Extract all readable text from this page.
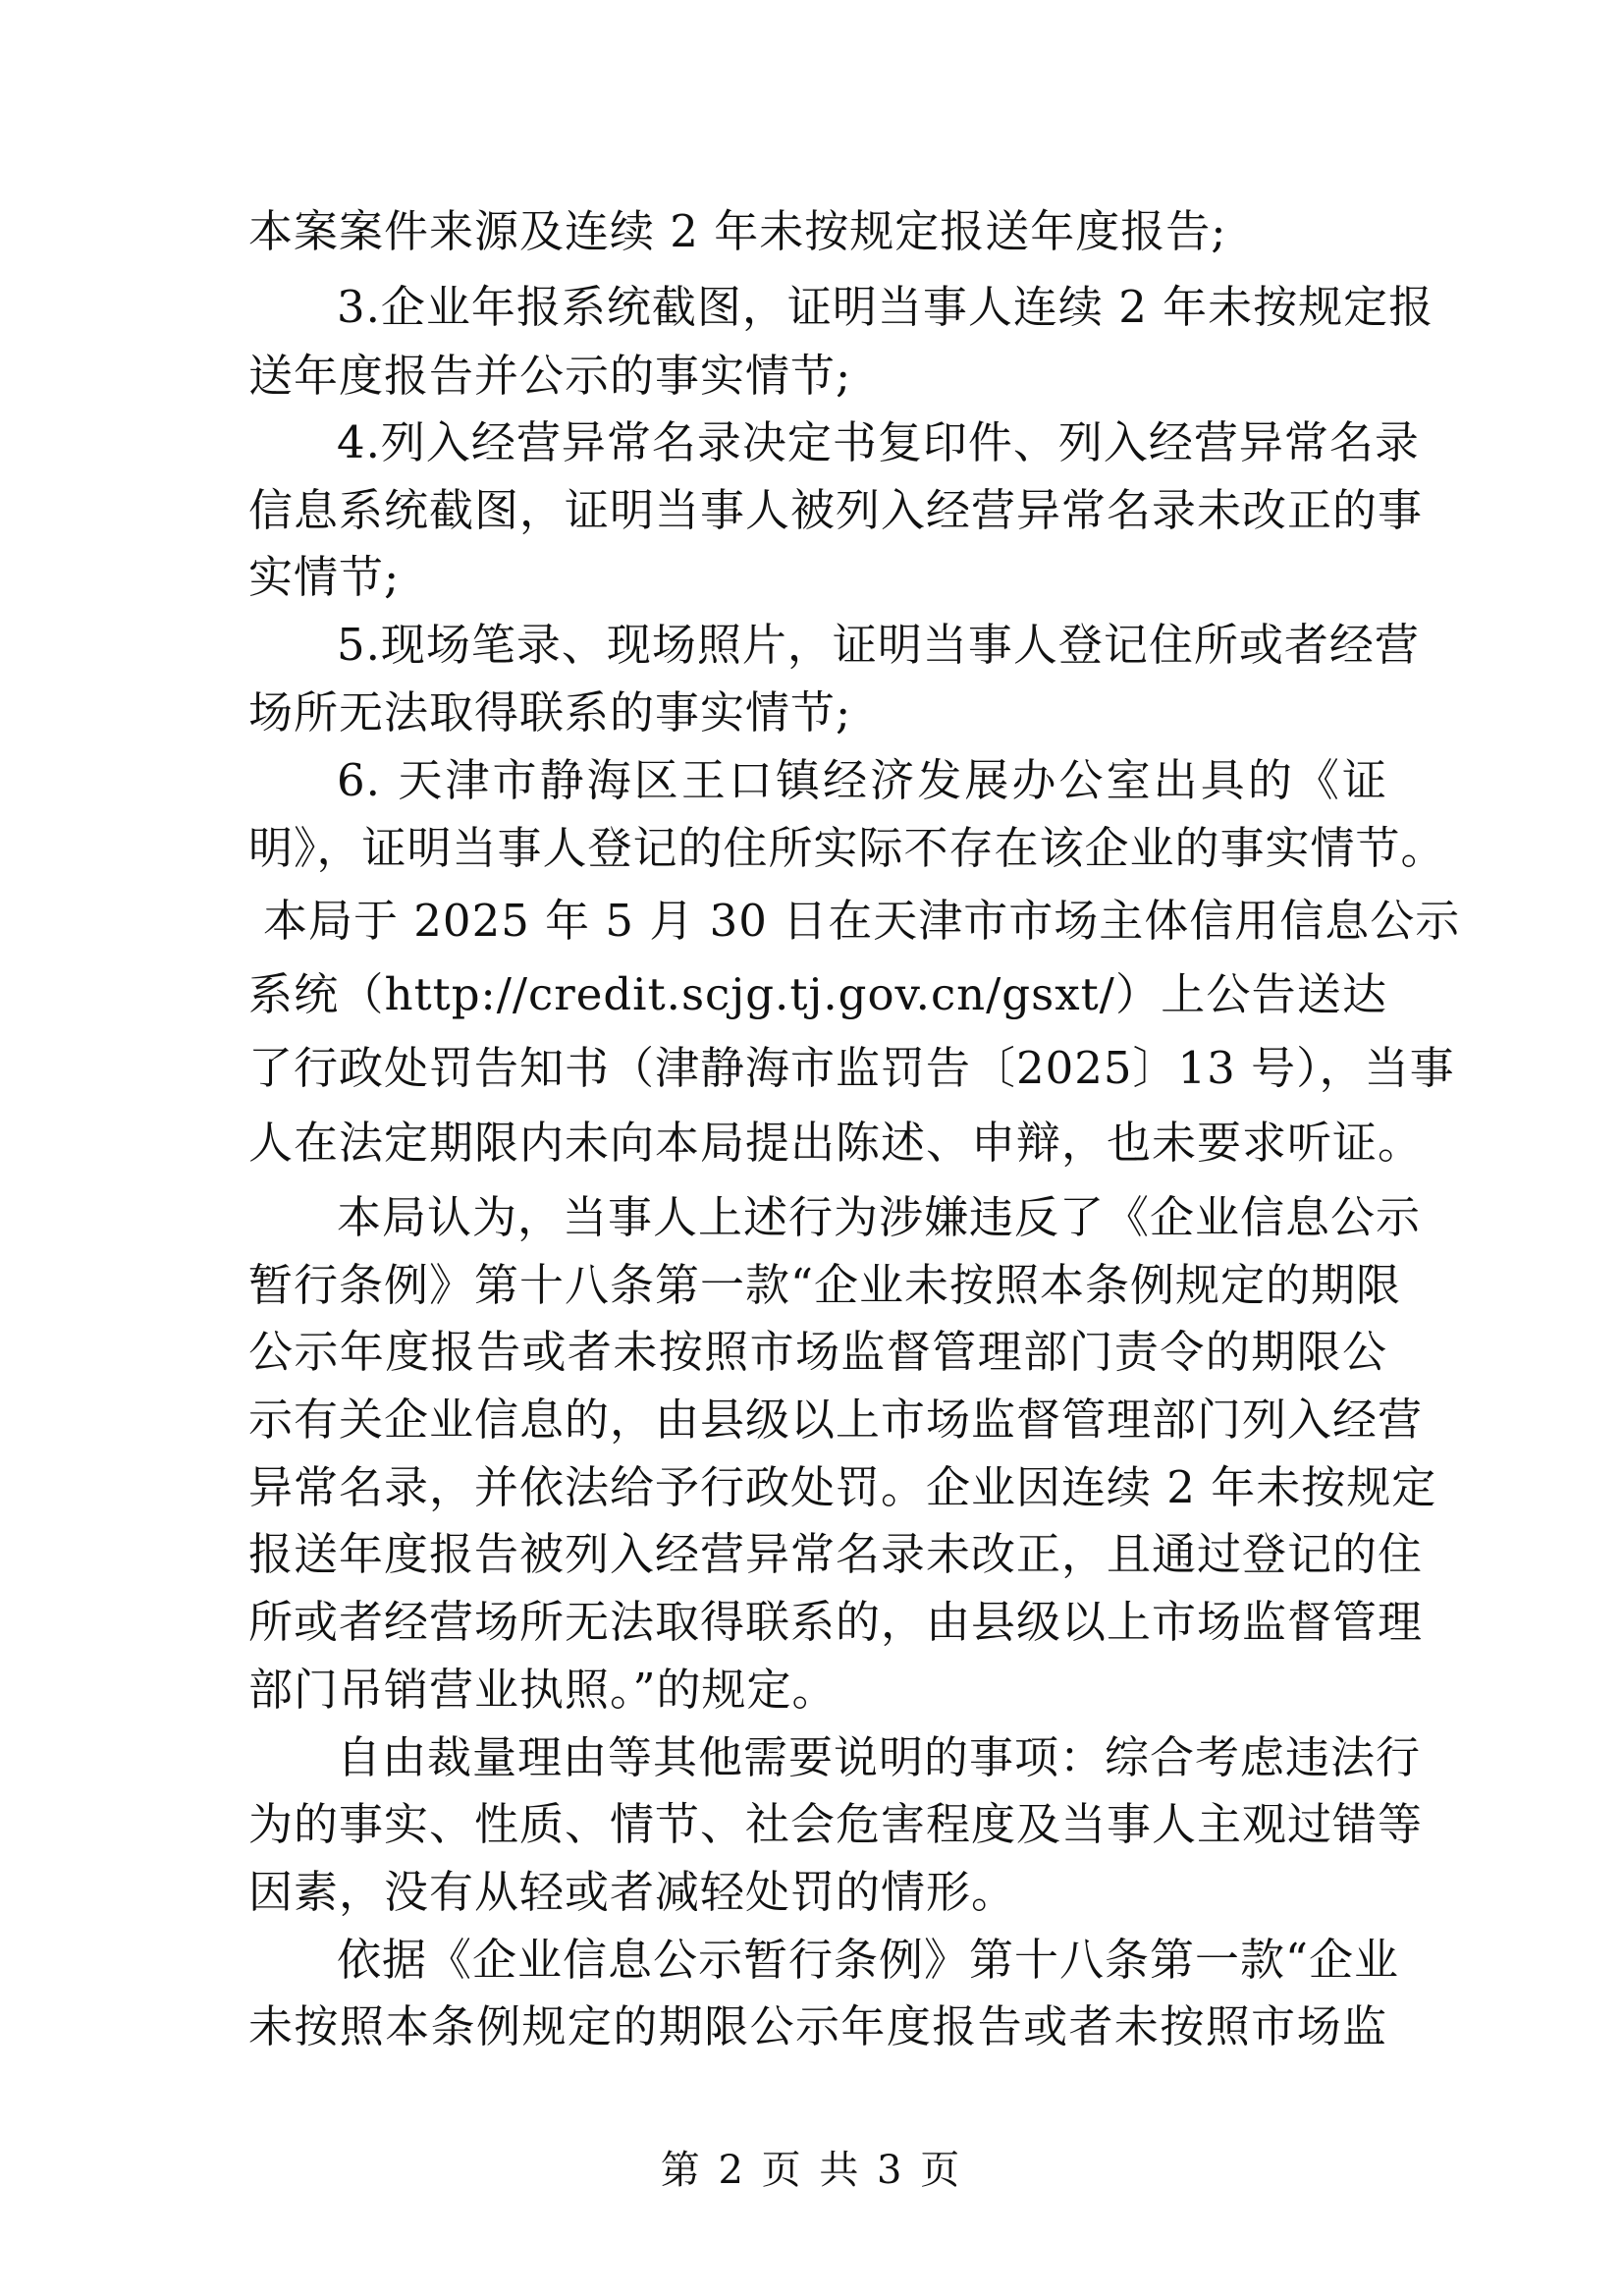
本案案件来源及连续 2 年未按规定报送年度报告;
3.企业年报系统截图，证明当事人连续 2 年未按规定报
送年度报告并公示的事实情节;
4.列入经营异常名录决定书复印件、列入经营异常名录
信息系统截图，证明当事人被列入经营异常名录未改正的事
实情节;
5.现场笔录、现场照片，证明当事人登记住所或者经营
场所无法取得联系的事实情节;
6. 天津市静海区王口镇经济发展办公室出具的《证
明》，证明当事人登记的住所实际不存在该企业的事实情节。
本局于 2025 年 5 月 30 日在天津市市场主体信用信息公示
系统（http://credit.scjg.tj.gov.cn/gsxt/）上公告送达
了行政处罚告知书（津静海市监罚告〔2025〕13 号），当事
人在法定期限内未向本局提出陈述、申辩，也未要求听证。
本局认为，当事人上述行为涉嫌违反了《企业信息公示
暂行条例》第十八条第一款“企业未按照本条例规定的期限
公示年度报告或者未按照市场监督管理部门责令的期限公
示有关企业信息的，由县级以上市场监督管理部门列入经营
异常名录，并依法给予行政处罚。企业因连续 2 年未按规定
报送年度报告被列入经营异常名录未改正，且通过登记的住
所或者经营场所无法取得联系的，由县级以上市场监督管理
部门吊销营业执照。”的规定。
自由裁量理由等其他需要说明的事项：综合考虑违法行
为的事实、性质、情节、社会危害程度及当事人主观过错等
因素，没有从轻或者减轻处罚的情形。
依据《企业信息公示暂行条例》第十八条第一款“企业
未按照本条例规定的期限公示年度报告或者未按照市场监
第 2 页 共 3 页
